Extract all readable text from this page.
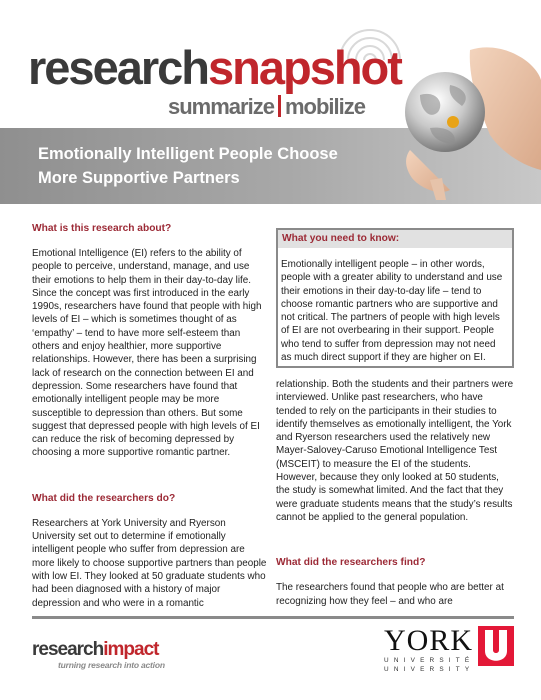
researchsnapshot
summarize mobilize
Emotionally Intelligent People Choose
More Supportive Partners
What is this research about?

Emotional Intelligence (EI) refers to the ability of people to perceive, understand, manage, and use their emotions to help them in their day-to-day life. Since the concept was first introduced in the early 1990s, researchers have found that people with high levels of EI – which is sometimes thought of as ‘empathy’ – tend to have more self-esteem than others and enjoy healthier, more supportive relationships. However, there has been a surprising lack of research on the connection between EI and depression. Some researchers have found that emotionally intelligent people may be more susceptible to depression than others. But some suggest that depressed people with high levels of EI can reduce the risk of becoming depressed by choosing a more supportive romantic partner.

What did the researchers do?

Researchers at York University and Ryerson University set out to determine if emotionally intelligent people who suffer from depression are more likely to choose supportive partners than people with low EI. They looked at 50 graduate students who had been diagnosed with a history of major depression and who were in a romantic

What you need to know:

Emotionally intelligent people – in other words, people with a greater ability to understand and use their emotions in their day-to-day life – tend to choose romantic partners who are supportive and not critical. The partners of people with high levels of EI are not overbearing in their support. People who tend to suffer from depression may not need as much direct support if they are higher on EI.

relationship. Both the students and their partners were interviewed. Unlike past researchers, who have tended to rely on the participants in their studies to identify themselves as emotionally intelligent, the York and Ryerson researchers used the relatively new Mayer-Salovey-Caruso Emotional Intelligence Test (MSCEIT) to measure the EI of the students. However, because they only looked at 50 students, the study is somewhat limited. And the fact that they were graduate students means that the study’s results cannot be applied to the general population.

What did the researchers find?

The researchers found that people who are better at recognizing how they feel – and who are

researchimpact
turning research into action
YORK
UNIVERSITÉ
UNIVERSITY
